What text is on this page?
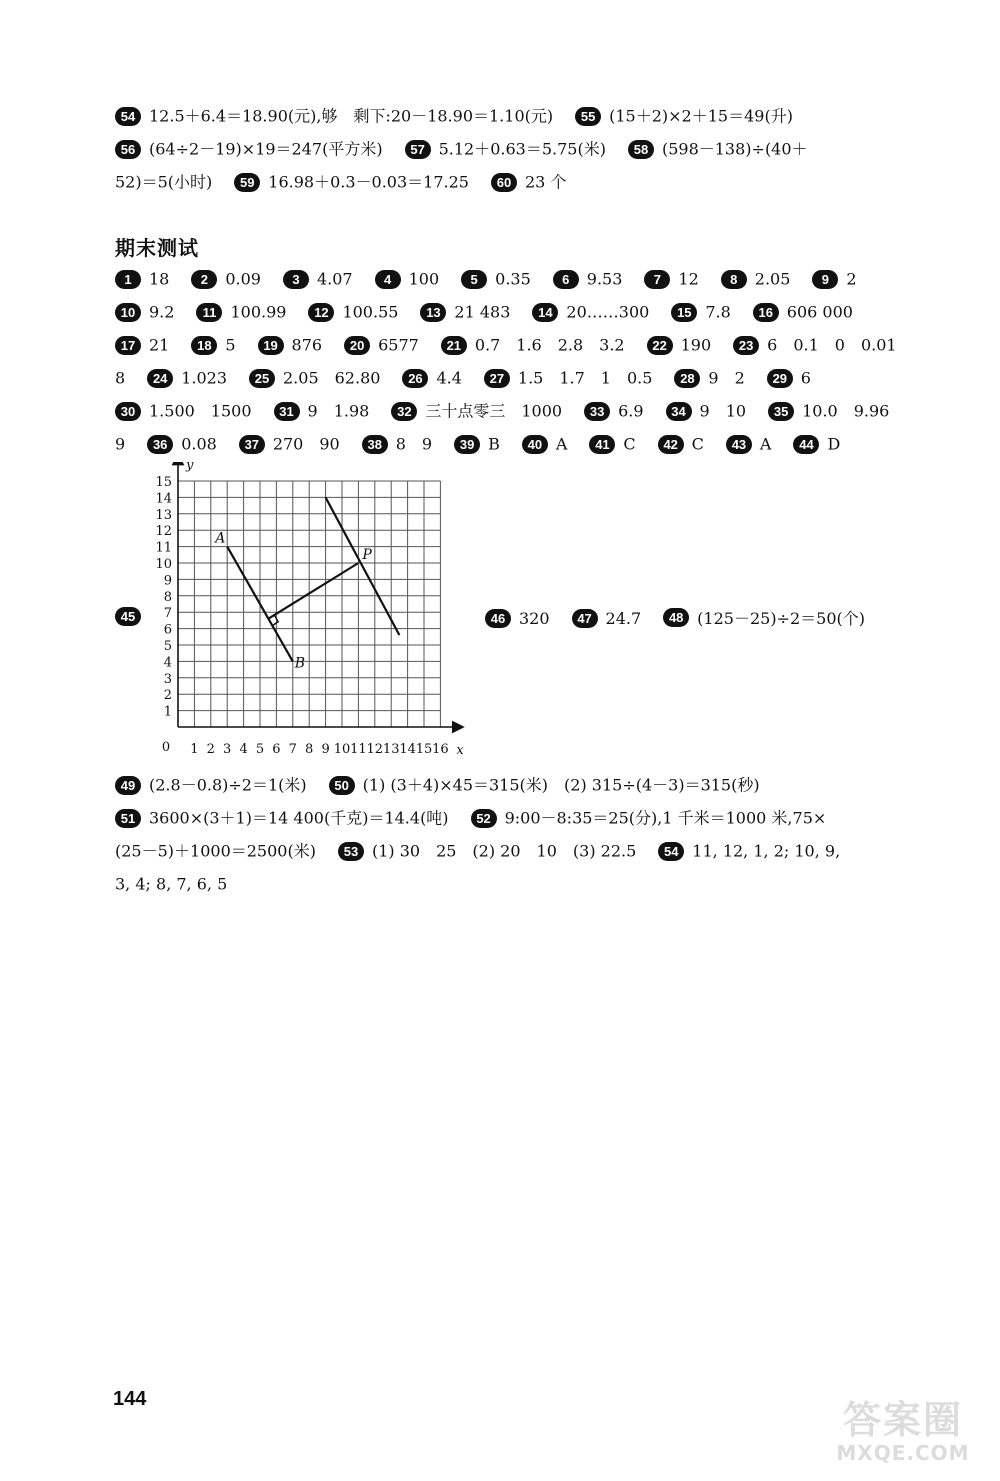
54 12.5＋6.4＝18.90(元),够　剩下:20－18.90＝1.10(元) 55 (15＋2)×2＋15＝49(升)
56 (64÷2－19)×19＝247(平方米) 57 5.12＋0.63＝5.75(米) 58 (598－138)÷(40＋
52)＝5(小时) 59 16.98＋0.3－0.03＝17.25 60 23 个
期末测试
1 18 2 0.09 3 4.07 4 100 5 0.35 6 9.53 7 12 8 2.05 9 2
10 9.2 11 100.99 12 100.55 13 21 483 14 20……300 15 7.8 16 606 000
17 21 18 5 19 876 20 6577 21 0.7　1.6　2.8　3.2 22 190 23 6　0.1　0　0.01
8 24 1.023 25 2.05　62.80 26 4.4 27 1.5　1.7　1　0.5 28 9　2 29 6
30 1.500　1500 31 9　1.98 32 三十点零三　1000 33 6.9 34 9　10 35 10.0　9.96
9 36 0.08 37 270　90 38 8　9 39 B 40 A 41 C 42 C 43 A 44 D
45
1 2 3 4 5 6 7 8 9 10 11 12 13 14 15 16
1
2
3
4
5
6
7
8
9
10
11
12
13
14
15
0	x
y
A
B
P
46 320 47 24.7 48 (125－25)÷2＝50(个)
49 (2.8－0.8)÷2＝1(米) 50 (1) (3＋4)×45＝315(米)　(2) 315÷(4－3)＝315(秒)
51 3600×(3＋1)＝14 400(千克)＝14.4(吨) 52 9:00－8:35＝25(分),1 千米＝1000 米,75×
(25－5)＋1000＝2500(米) 53 (1) 30　25　(2) 20　10　(3) 22.5 54 11, 12, 1, 2; 10, 9,
3, 4; 8, 7, 6, 5
144	答案圈
MXQE.COM
